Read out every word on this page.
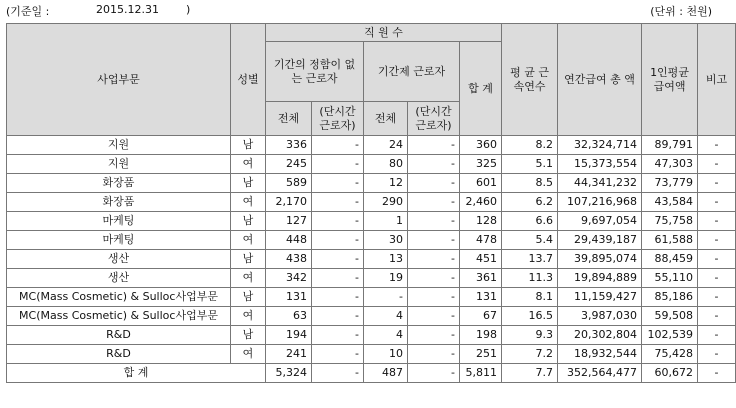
(기준일 :

	2015.12.31

)	(단위 : 천원)
사업부문	성별	직 원 수					평 균 근속연수	연간급여 총 액	1인평균 급여액	비고
		기간의 정함이 없는 근로자		기간제 근로자		합 계				
		전체	(단시간 근로자)	전체	(단시간 근로자)					
지원	남	336	-	24	-	360	8.2	32,324,714	89,791	-
지원	여	245	-	80	-	325	5.1	15,373,554	47,303	-
화장품	남	589	-	12	-	601	8.5	44,341,232	73,779	-
화장품	여	2,170	-	290	-	2,460	6.2	107,216,968	43,584	-
마케팅	남	127	-	1	-	128	6.6	9,697,054	75,758	-
마케팅	여	448	-	30	-	478	5.4	29,439,187	61,588	-
생산	남	438	-	13	-	451	13.7	39,895,074	88,459	-
생산	여	342	-	19	-	361	11.3	19,894,889	55,110	-
MC(Mass Cosmetic) & Sulloc사업부문	남	131	-	-	-	131	8.1	11,159,427	85,186	-
MC(Mass Cosmetic) & Sulloc사업부문	여	63	-	4	-	67	16.5	3,987,030	59,508	-
R&D	남	194	-	4	-	198	9.3	20,302,804	102,539	-
R&D	여	241	-	10	-	251	7.2	18,932,544	75,428	-
합 계		5,324	-	487	-	5,811	7.7	352,564,477	60,672	-
